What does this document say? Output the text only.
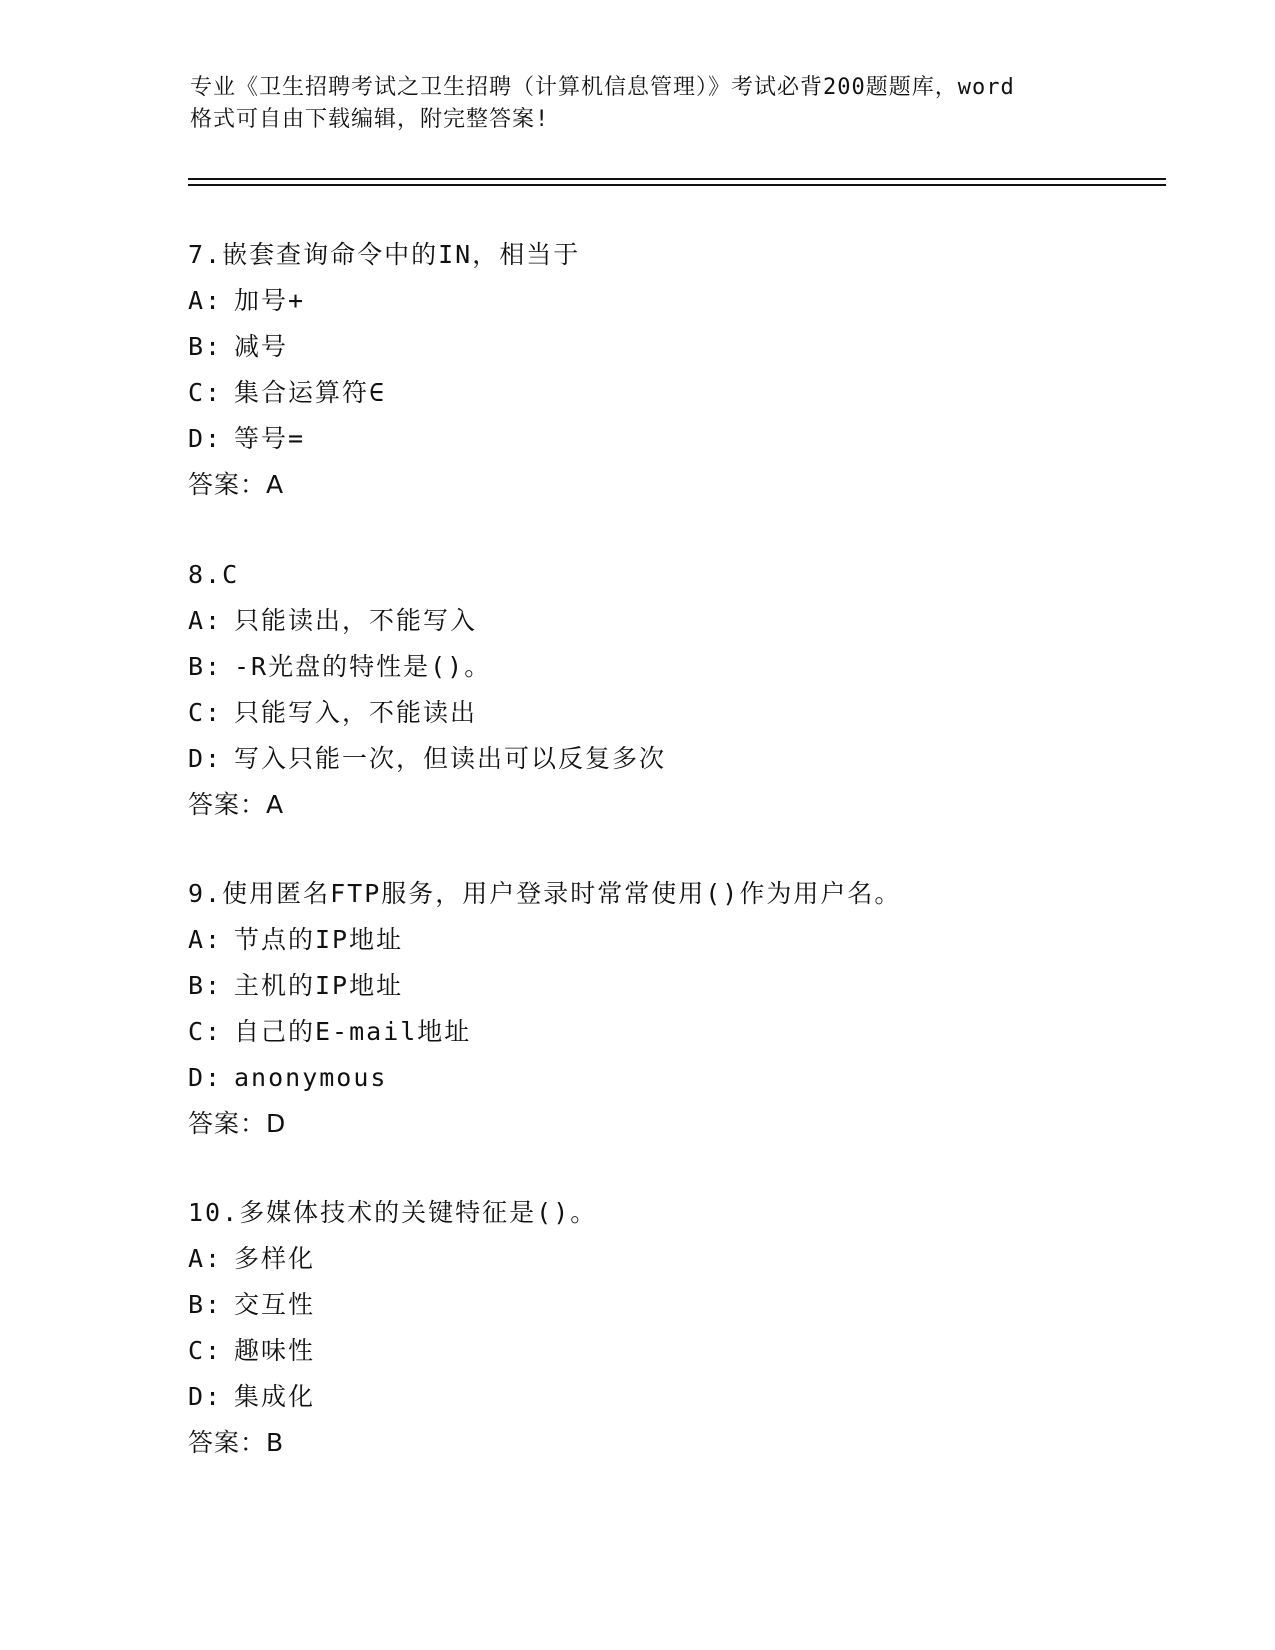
专业《卫生招聘考试之卫生招聘（计算机信息管理）》考试必背200题题库，word
格式可自由下载编辑，附完整答案!
7.嵌套查询命令中的IN，相当于
A: 加号+
B: 减号
C: 集合运算符∈
D: 等号=
答案：A
8.C
A: 只能读出，不能写入
B: -R光盘的特性是()。
C: 只能写入，不能读出
D: 写入只能一次，但读出可以反复多次
答案：A
9.使用匿名FTP服务，用户登录时常常使用()作为用户名。
A: 节点的IP地址
B: 主机的IP地址
C: 自己的E-mail地址
D: anonymous
答案：D
10.多媒体技术的关键特征是()。
A: 多样化
B: 交互性
C: 趣味性
D: 集成化
答案：B
